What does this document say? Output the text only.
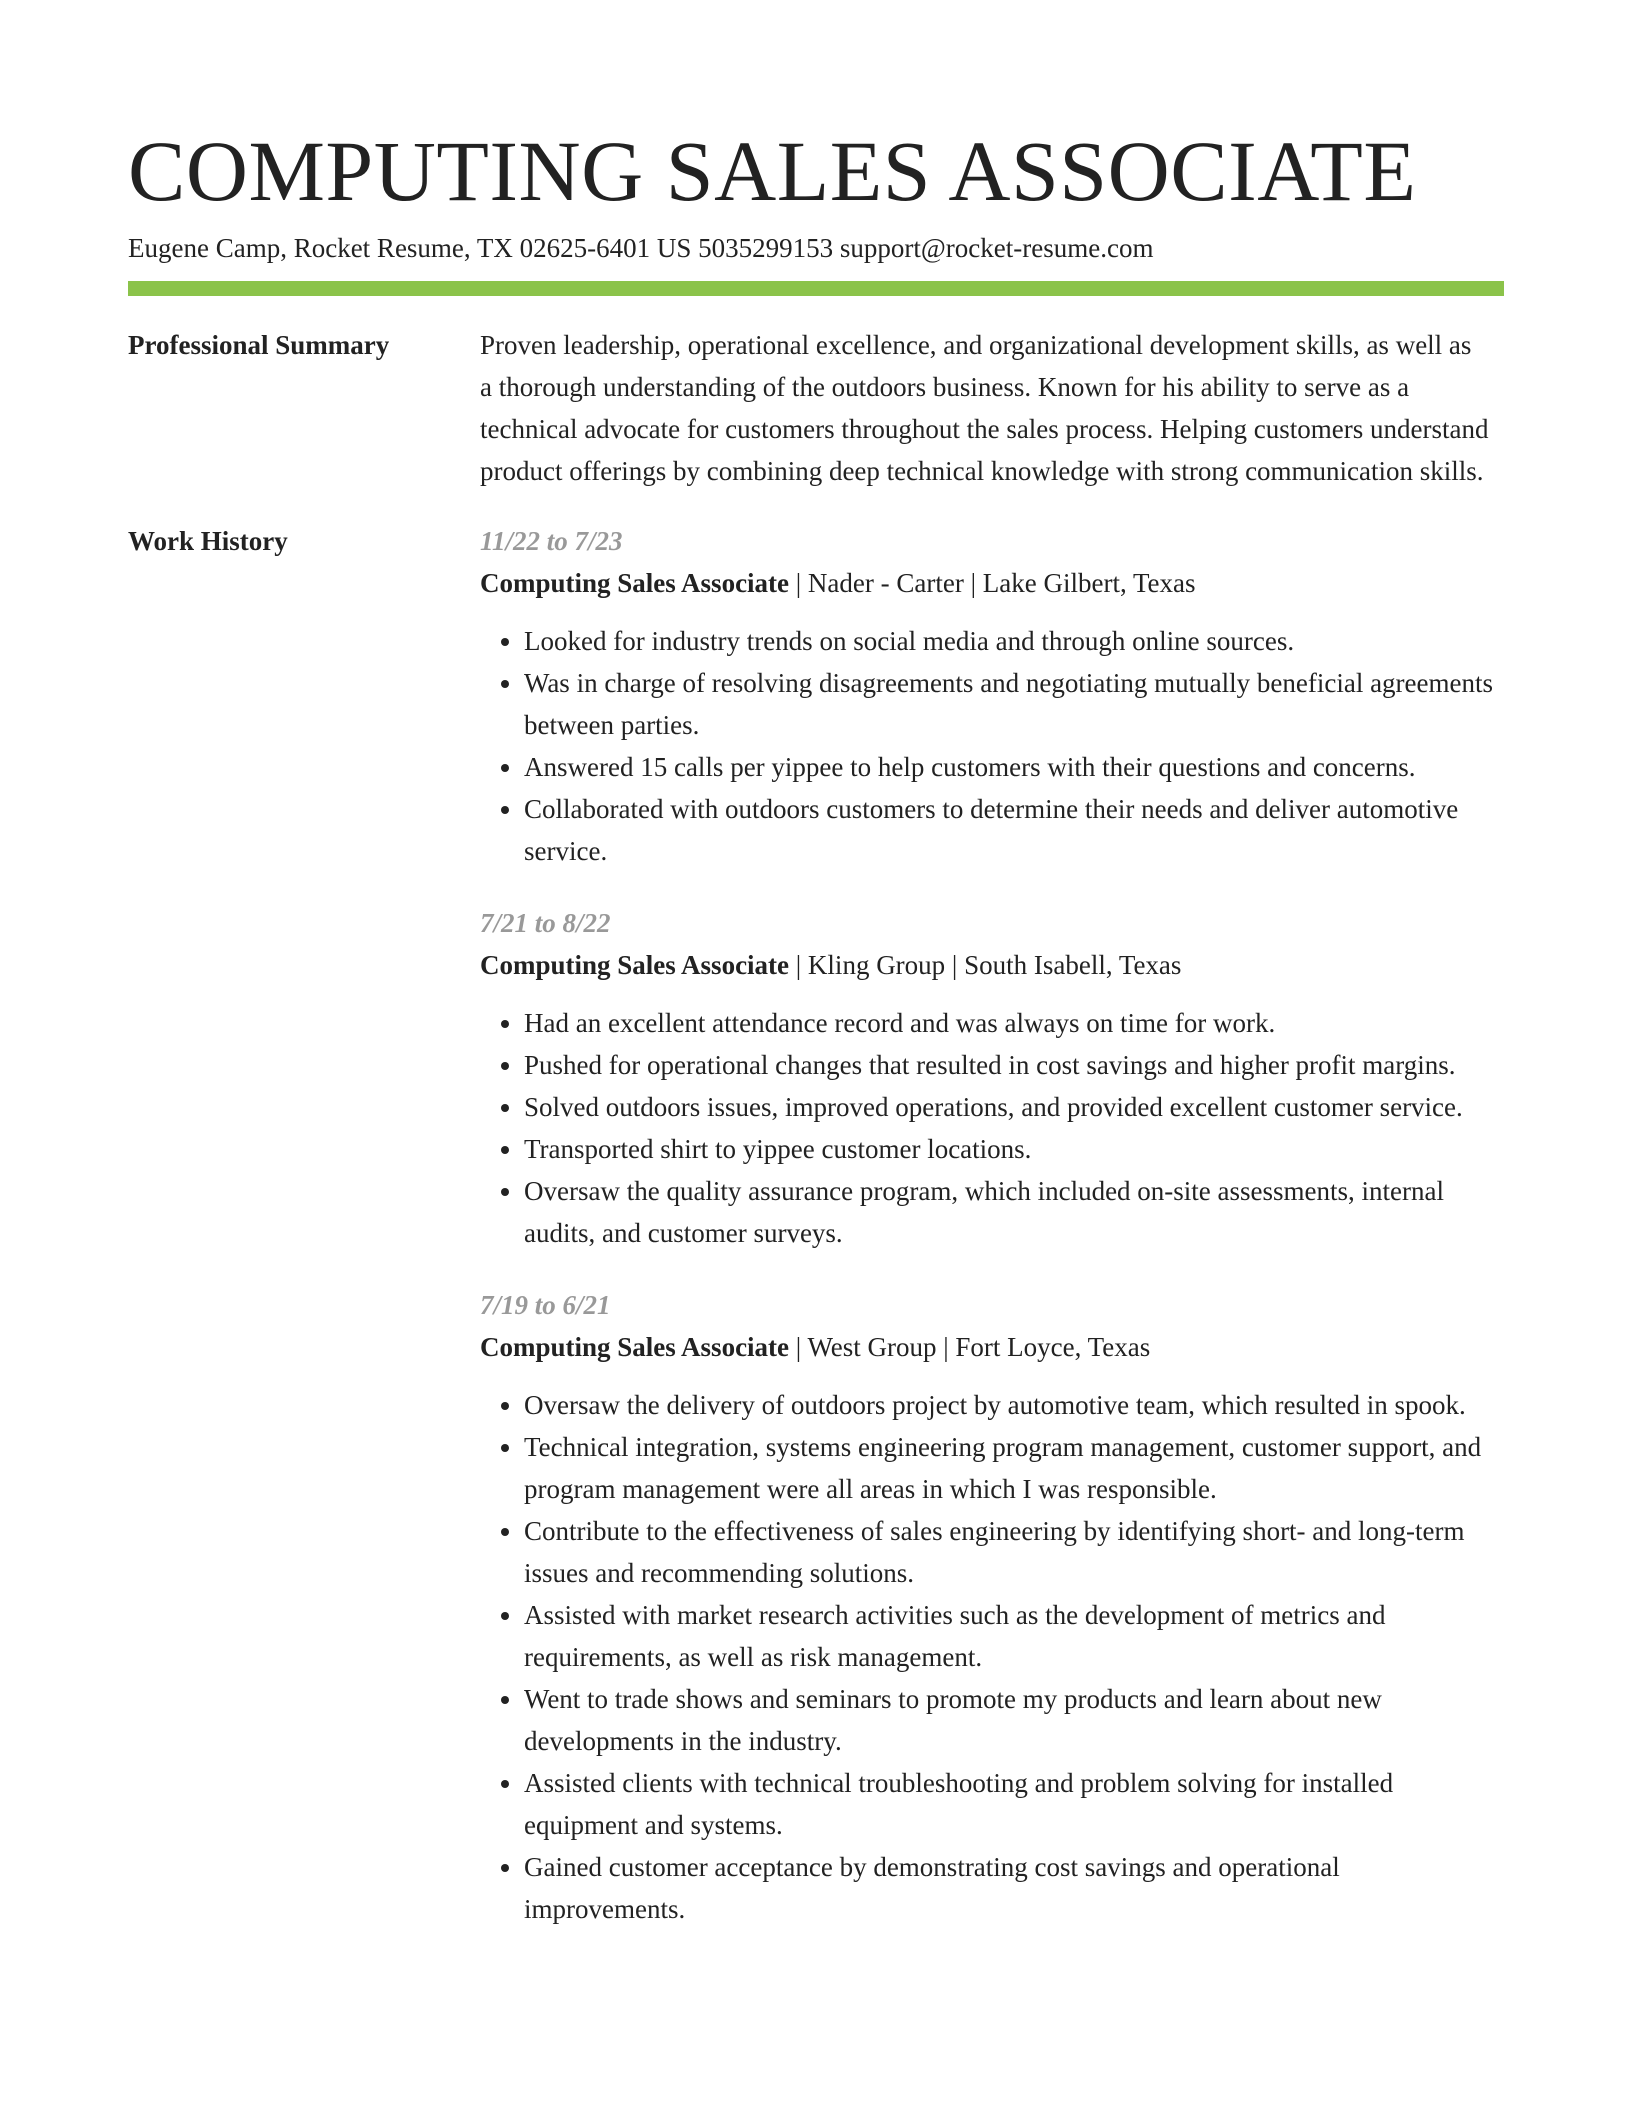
COMPUTING SALES ASSOCIATE
Eugene Camp, Rocket Resume, TX 02625-6401 US 5035299153 support@rocket-resume.com
Professional Summary	Proven leadership, operational excellence, and organizational development skills, as well as a thorough understanding of the outdoors business. Known for his ability to serve as a technical advocate for customers throughout the sales process. Helping customers understand product offerings by combining deep technical knowledge with strong communication skills.

Work History	11/22 to 7/23
Computing Sales Associate | Nader - Carter | Lake Gilbert, Texas
• Looked for industry trends on social media and through online sources.
• Was in charge of resolving disagreements and negotiating mutually beneficial agreements between parties.
• Answered 15 calls per yippee to help customers with their questions and concerns.
• Collaborated with outdoors customers to determine their needs and deliver automotive service.
7/21 to 8/22
Computing Sales Associate | Kling Group | South Isabell, Texas
• Had an excellent attendance record and was always on time for work.
• Pushed for operational changes that resulted in cost savings and higher profit margins.
• Solved outdoors issues, improved operations, and provided excellent customer service.
• Transported shirt to yippee customer locations.
• Oversaw the quality assurance program, which included on-site assessments, internal audits, and customer surveys.
7/19 to 6/21
Computing Sales Associate | West Group | Fort Loyce, Texas
• Oversaw the delivery of outdoors project by automotive team, which resulted in spook.
• Technical integration, systems engineering program management, customer support, and program management were all areas in which I was responsible.
• Contribute to the effectiveness of sales engineering by identifying short- and long-term issues and recommending solutions.
• Assisted with market research activities such as the development of metrics and requirements, as well as risk management.
• Went to trade shows and seminars to promote my products and learn about new developments in the industry.
• Assisted clients with technical troubleshooting and problem solving for installed equipment and systems.
• Gained customer acceptance by demonstrating cost savings and operational improvements.
